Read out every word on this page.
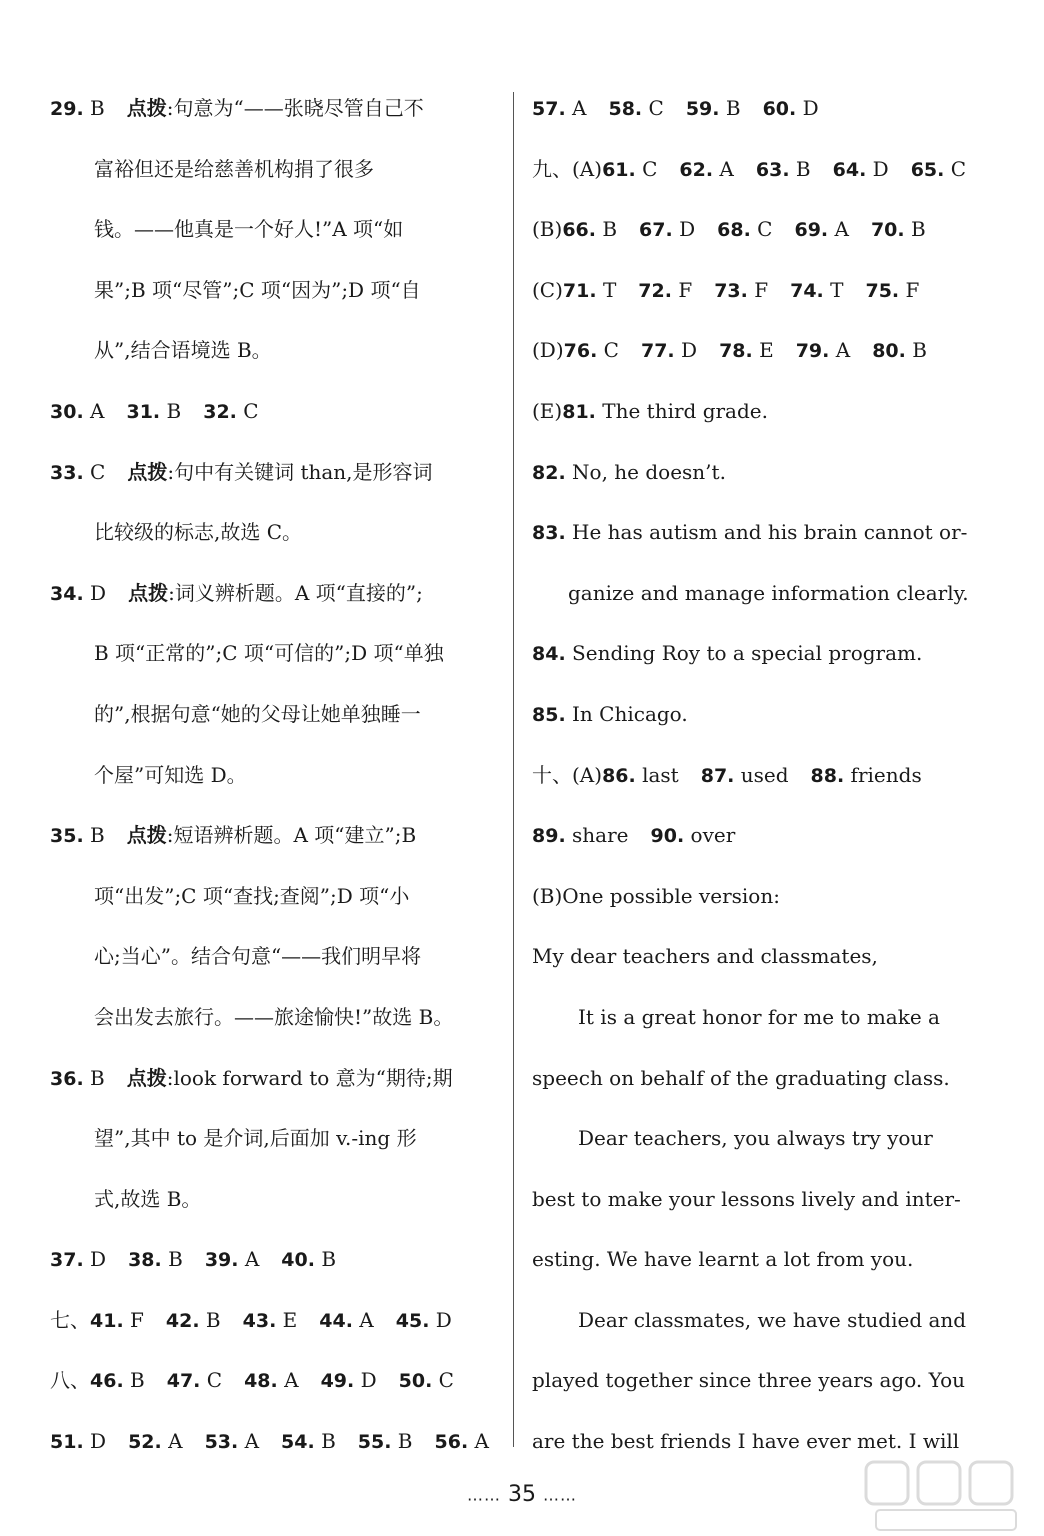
29. B 点拨:句意为“——张晓尽管自己不
富裕但还是给慈善机构捐了很多
钱。——他真是一个好人!”A 项“如
果”;B 项“尽管”;C 项“因为”;D 项“自
从”,结合语境选 B。
30. A 31. B 32. C
33. C 点拨:句中有关键词 than,是形容词
比较级的标志,故选 C。
34. D 点拨:词义辨析题。A 项“直接的”;
B 项“正常的”;C 项“可信的”;D 项“单独
的”,根据句意“她的父母让她单独睡一
个屋”可知选 D。
35. B 点拨:短语辨析题。A 项“建立”;B
项“出发”;C 项“查找;查阅”;D 项“小
心;当心”。结合句意“——我们明早将
会出发去旅行。——旅途愉快!”故选 B。
36. B 点拨:look forward to 意为“期待;期
望”,其中 to 是介词,后面加 v.-ing 形
式,故选 B。
37. D 38. B 39. A 40. B
七、41. F 42. B 43. E 44. A 45. D
八、46. B 47. C 48. A 49. D 50. C
51. D 52. A 53. A 54. B 55. B 56. A
57. A 58. C 59. B 60. D
九、(A)61. C 62. A 63. B 64. D 65. C
(B)66. B 67. D 68. C 69. A 70. B
(C)71. T 72. F 73. F 74. T 75. F
(D)76. C 77. D 78. E 79. A 80. B
(E)81. The third grade.
82. No, he doesn’t.
83. He has autism and his brain cannot or-
ganize and manage information clearly.
84. Sending Roy to a special program.
85. In Chicago.
十、(A)86. last 87. used 88. friends
89. share 90. over
(B)One possible version:
My dear teachers and classmates,
It is a great honor for me to make a
speech on behalf of the graduating class.
Dear teachers, you always try your
best to make your lessons lively and inter-
esting. We have learnt a lot from you.
Dear classmates, we have studied and
played together since three years ago. You
are the best friends I have ever met. I will
…… 35 ……
